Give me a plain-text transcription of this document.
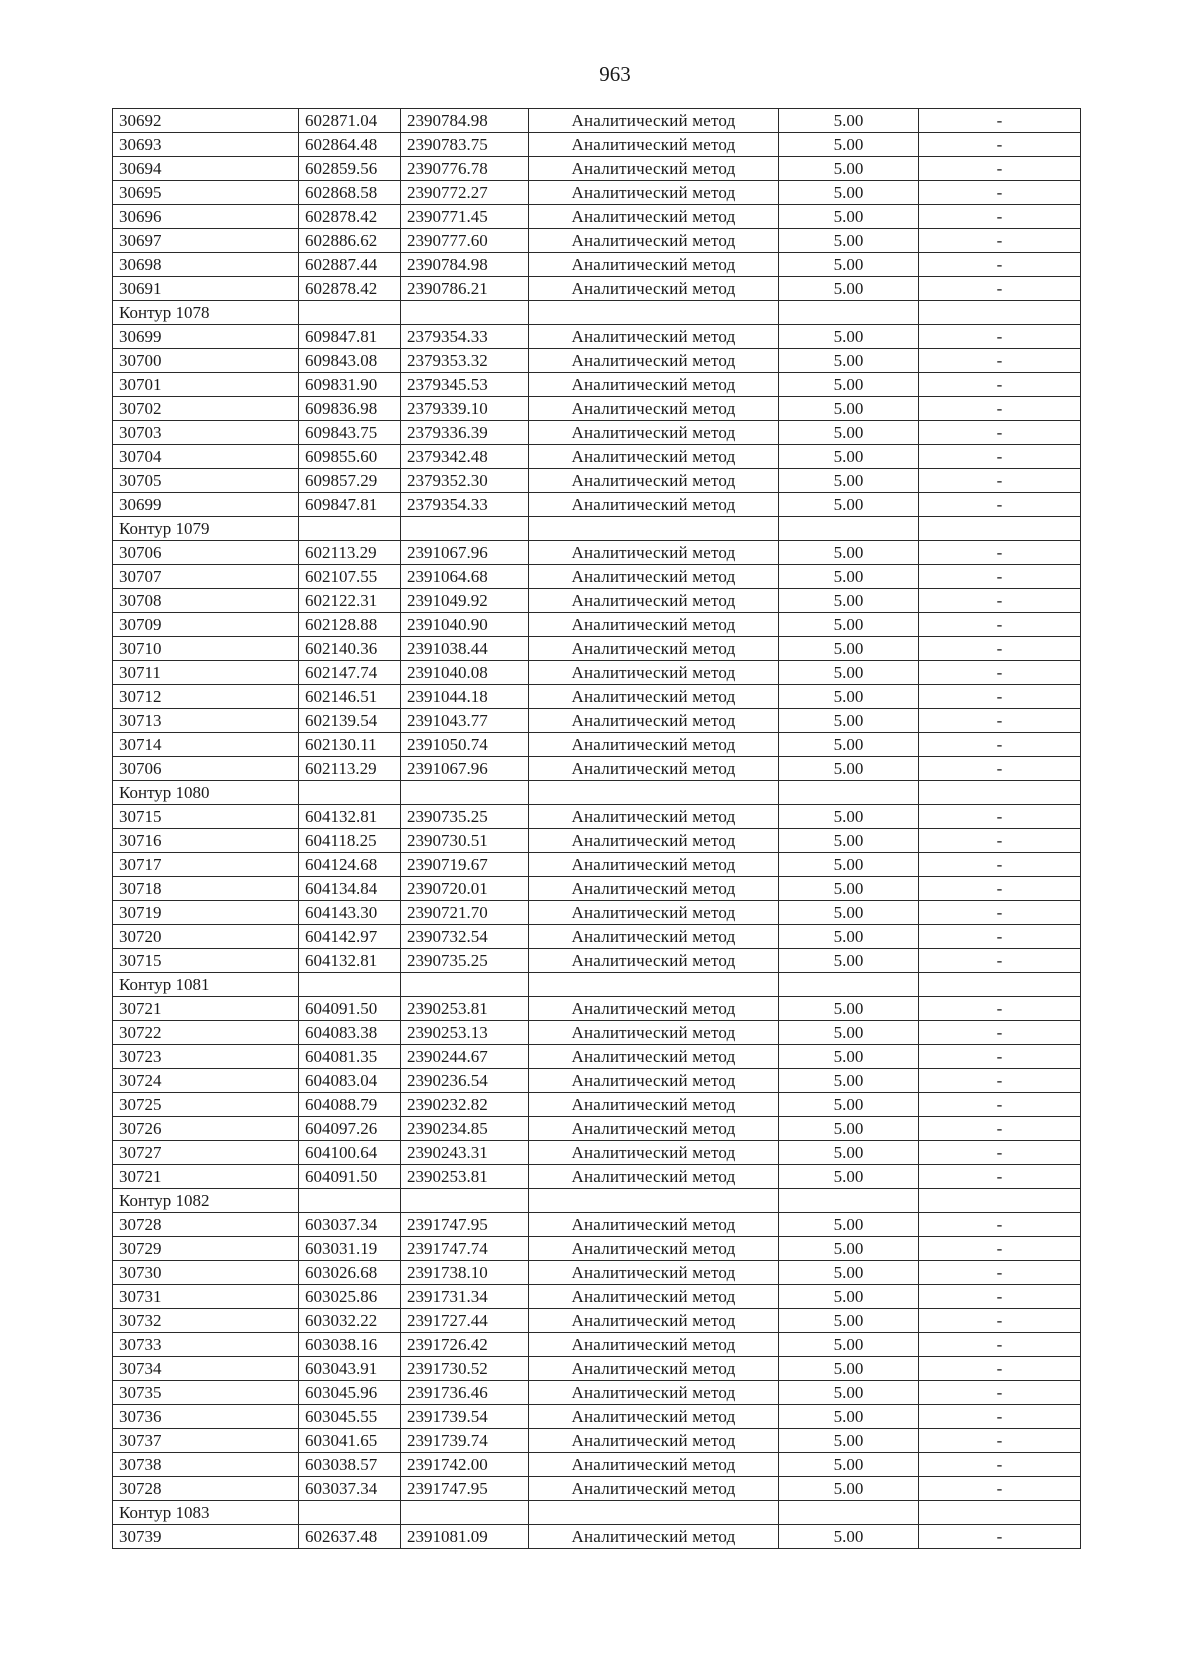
963
30692	602871.04	2390784.98	Аналитический метод	5.00	-
30693	602864.48	2390783.75	Аналитический метод	5.00	-
30694	602859.56	2390776.78	Аналитический метод	5.00	-
30695	602868.58	2390772.27	Аналитический метод	5.00	-
30696	602878.42	2390771.45	Аналитический метод	5.00	-
30697	602886.62	2390777.60	Аналитический метод	5.00	-
30698	602887.44	2390784.98	Аналитический метод	5.00	-
30691	602878.42	2390786.21	Аналитический метод	5.00	-
Контур 1078					
30699	609847.81	2379354.33	Аналитический метод	5.00	-
30700	609843.08	2379353.32	Аналитический метод	5.00	-
30701	609831.90	2379345.53	Аналитический метод	5.00	-
30702	609836.98	2379339.10	Аналитический метод	5.00	-
30703	609843.75	2379336.39	Аналитический метод	5.00	-
30704	609855.60	2379342.48	Аналитический метод	5.00	-
30705	609857.29	2379352.30	Аналитический метод	5.00	-
30699	609847.81	2379354.33	Аналитический метод	5.00	-
Контур 1079					
30706	602113.29	2391067.96	Аналитический метод	5.00	-
30707	602107.55	2391064.68	Аналитический метод	5.00	-
30708	602122.31	2391049.92	Аналитический метод	5.00	-
30709	602128.88	2391040.90	Аналитический метод	5.00	-
30710	602140.36	2391038.44	Аналитический метод	5.00	-
30711	602147.74	2391040.08	Аналитический метод	5.00	-
30712	602146.51	2391044.18	Аналитический метод	5.00	-
30713	602139.54	2391043.77	Аналитический метод	5.00	-
30714	602130.11	2391050.74	Аналитический метод	5.00	-
30706	602113.29	2391067.96	Аналитический метод	5.00	-
Контур 1080					
30715	604132.81	2390735.25	Аналитический метод	5.00	-
30716	604118.25	2390730.51	Аналитический метод	5.00	-
30717	604124.68	2390719.67	Аналитический метод	5.00	-
30718	604134.84	2390720.01	Аналитический метод	5.00	-
30719	604143.30	2390721.70	Аналитический метод	5.00	-
30720	604142.97	2390732.54	Аналитический метод	5.00	-
30715	604132.81	2390735.25	Аналитический метод	5.00	-
Контур 1081					
30721	604091.50	2390253.81	Аналитический метод	5.00	-
30722	604083.38	2390253.13	Аналитический метод	5.00	-
30723	604081.35	2390244.67	Аналитический метод	5.00	-
30724	604083.04	2390236.54	Аналитический метод	5.00	-
30725	604088.79	2390232.82	Аналитический метод	5.00	-
30726	604097.26	2390234.85	Аналитический метод	5.00	-
30727	604100.64	2390243.31	Аналитический метод	5.00	-
30721	604091.50	2390253.81	Аналитический метод	5.00	-
Контур 1082					
30728	603037.34	2391747.95	Аналитический метод	5.00	-
30729	603031.19	2391747.74	Аналитический метод	5.00	-
30730	603026.68	2391738.10	Аналитический метод	5.00	-
30731	603025.86	2391731.34	Аналитический метод	5.00	-
30732	603032.22	2391727.44	Аналитический метод	5.00	-
30733	603038.16	2391726.42	Аналитический метод	5.00	-
30734	603043.91	2391730.52	Аналитический метод	5.00	-
30735	603045.96	2391736.46	Аналитический метод	5.00	-
30736	603045.55	2391739.54	Аналитический метод	5.00	-
30737	603041.65	2391739.74	Аналитический метод	5.00	-
30738	603038.57	2391742.00	Аналитический метод	5.00	-
30728	603037.34	2391747.95	Аналитический метод	5.00	-
Контур 1083					
30739	602637.48	2391081.09	Аналитический метод	5.00	-
